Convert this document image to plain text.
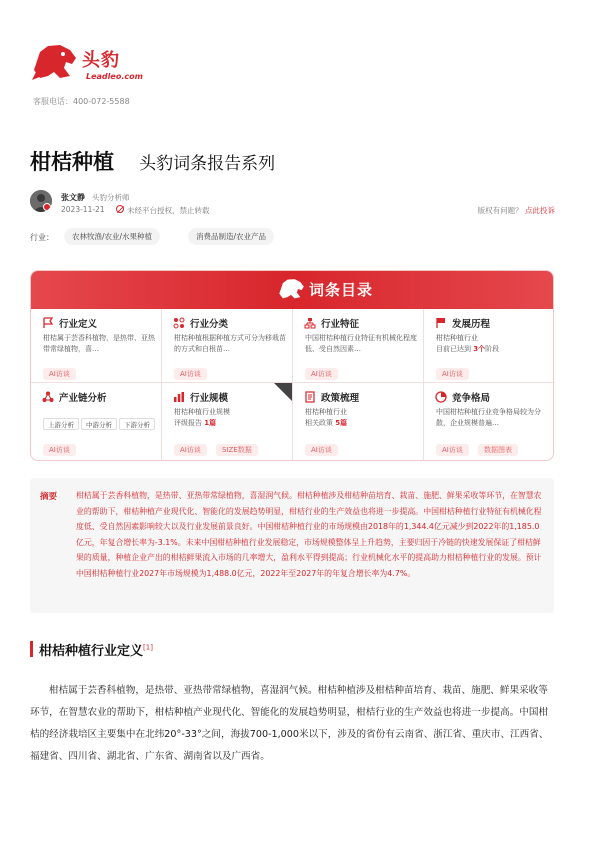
头豹
Leadleo.com
客服电话：400-072-5588
柑桔种植 头豹词条报告系列
张文静 头豹分析师
2023-11-21	未经平台授权，禁止转载	版权有问题？ 点此投诉
行业：	农林牧渔/农业/水果种植	消费品制造/农业产品
词条目录
行业定义
柑桔属于芸香科植物，是热带、亚热带常绿植物，喜…
AI访谈
行业分类
柑桔种植根据种植方式可分为移栽苗的方式和白根苗…
AI访谈
行业特征
中国柑桔种植行业特征有机械化程度低、受自然因素…
AI访谈
发展历程
柑桔种植行业
目前已达到 3个阶段
AI访谈
产业链分析
上游分析	中游分析	下游分析
AI访谈
行业规模
柑桔种植行业规模
评级报告 1篇
AI访谈	SIZE数据
政策梳理
柑桔种植行业
相关政策 5篇
AI访谈
竞争格局
中国柑桔种植行业竞争格局较为分散，企业规模普遍…
AI访谈	数据图表
摘要 柑桔属于芸香科植物，是热带、亚热带常绿植物，喜湿润气候。柑桔种植涉及柑桔种苗培育、栽苗、施肥、鲜果采收等环节，在智慧农业的帮助下，柑桔种植产业现代化、智能化的发展趋势明显，柑桔行业的生产效益也将进一步提高。中国柑桔种植行业特征有机械化程度低、受自然因素影响较大以及行业发展前景良好。中国柑桔种植行业的市场规模由2018年的1,344.4亿元减少到2022年的1,185.0亿元，年复合增长率为-3.1%。未来中国柑桔种植行业发展稳定，市场规模整体呈上升趋势，主要归因于冷链的快速发展保证了柑桔鲜果的质量，种植企业产出的柑桔鲜果流入市场的几率增大，盈利水平得到提高；行业机械化水平的提高助力柑桔种植行业的发展。预计中国柑桔种植行业2027年市场规模为1,488.0亿元，2022年至2027年的年复合增长率为4.7%。
柑桔种植行业定义[1]
柑桔属于芸香科植物，是热带、亚热带常绿植物，喜湿润气候。柑桔种植涉及柑桔种苗培育、栽苗、施肥、鲜果采收等环节，在智慧农业的帮助下，柑桔种植产业现代化、智能化的发展趋势明显，柑桔行业的生产效益也将进一步提高。中国柑桔的经济栽培区主要集中在北纬20°-33°之间，海拔700-1,000米以下，涉及的省份有云南省、浙江省、重庆市、江西省、福建省、四川省、湖北省、广东省、湖南省以及广西省。
